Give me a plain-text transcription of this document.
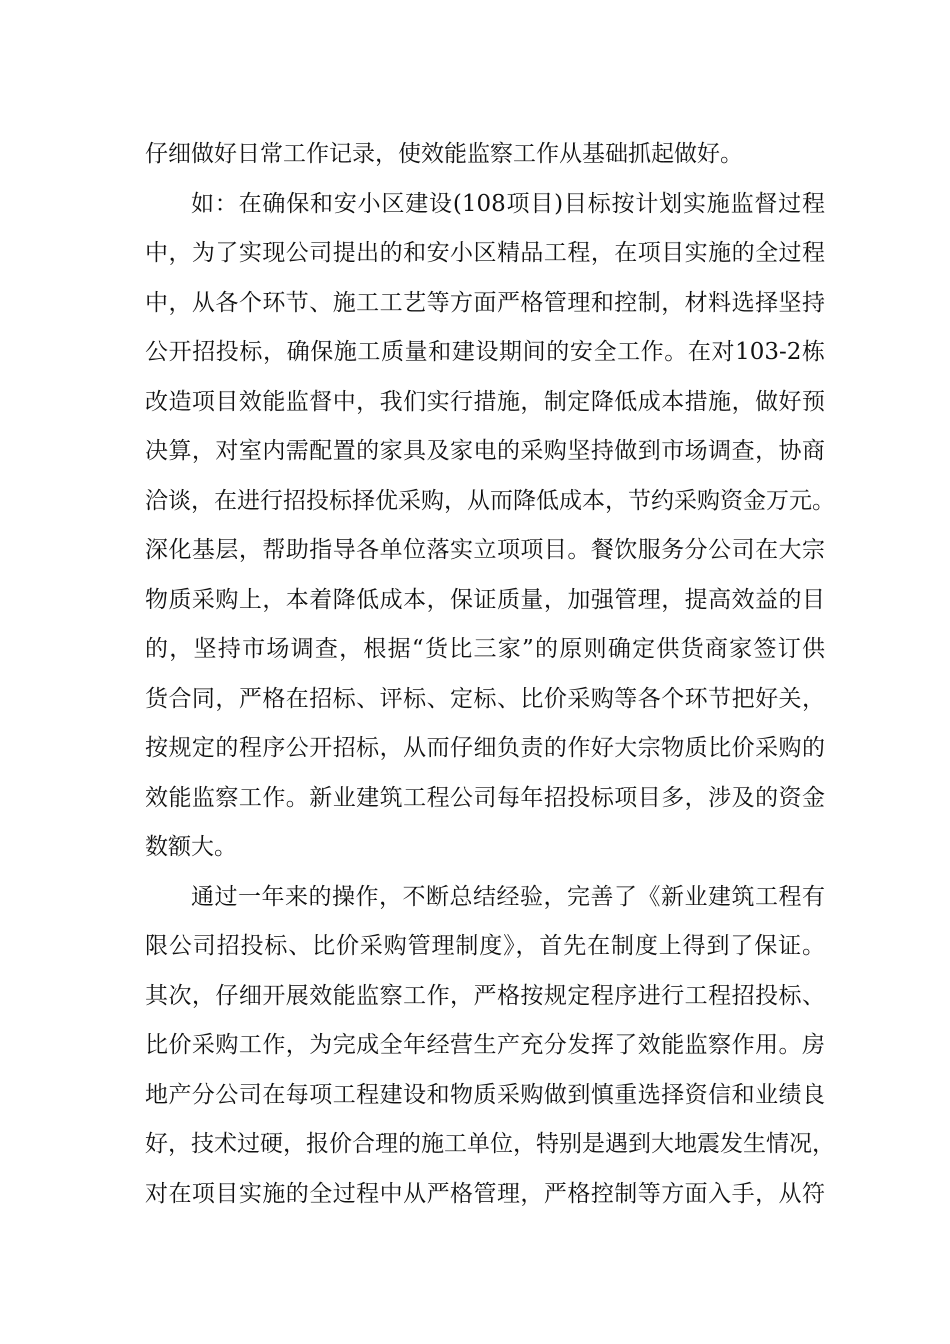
仔细做好日常工作记录，使效能监察工作从基础抓起做好。
如：在确保和安小区建设(108项目)目标按计划实施监督过程
中，为了实现公司提出的和安小区精品工程，在项目实施的全过程
中，从各个环节、施工工艺等方面严格管理和控制，材料选择坚持
公开招投标，确保施工质量和建设期间的安全工作。在对103-2栋
改造项目效能监督中，我们实行措施，制定降低成本措施，做好预
决算，对室内需配置的家具及家电的采购坚持做到市场调查，协商
洽谈，在进行招投标择优采购，从而降低成本，节约采购资金万元。
深化基层，帮助指导各单位落实立项项目。餐饮服务分公司在大宗
物质采购上，本着降低成本，保证质量，加强管理，提高效益的目
的，坚持市场调查，根据“货比三家”的原则确定供货商家签订供
货合同，严格在招标、评标、定标、比价采购等各个环节把好关，
按规定的程序公开招标，从而仔细负责的作好大宗物质比价采购的
效能监察工作。新业建筑工程公司每年招投标项目多，涉及的资金
数额大。
通过一年来的操作，不断总结经验，完善了《新业建筑工程有
限公司招投标、比价采购管理制度》，首先在制度上得到了保证。
其次，仔细开展效能监察工作，严格按规定程序进行工程招投标、
比价采购工作，为完成全年经营生产充分发挥了效能监察作用。房
地产分公司在每项工程建设和物质采购做到慎重选择资信和业绩良
好，技术过硬，报价合理的施工单位，特别是遇到大地震发生情况，
对在项目实施的全过程中从严格管理，严格控制等方面入手，从符
